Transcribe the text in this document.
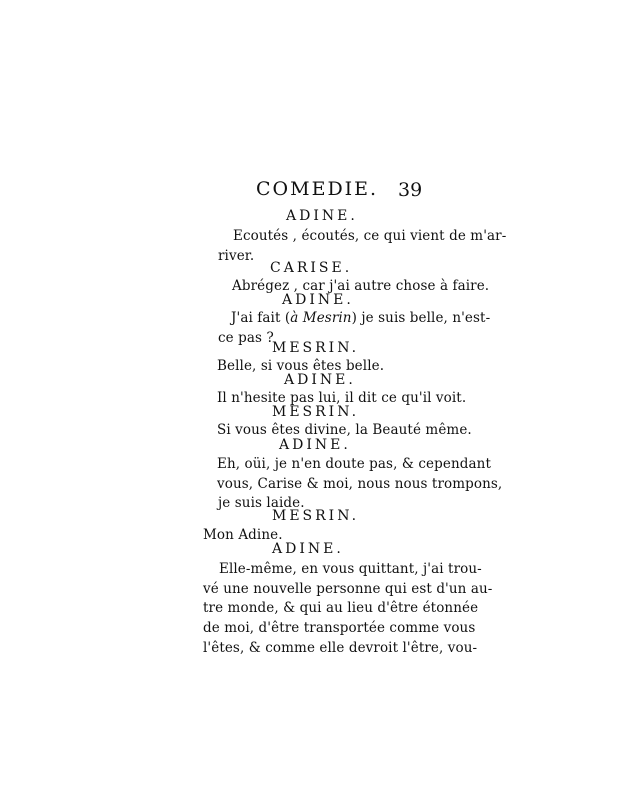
COMEDIE. 39
ADINE.
Ecoutés , écoutés, ce qui vient de m'ar-
river.
CARISE.
Abrégez , car j'ai autre chose à faire.
ADINE.
J'ai fait (à Mesrin) je suis belle, n'est-
ce pas ?
MESRIN.
Belle, si vous êtes belle.
ADINE.
Il n'hesite pas lui, il dit ce qu'il voit.
MESRIN.
Si vous êtes divine, la Beauté même.
ADINE.
Eh, oüi, je n'en doute pas, & cependant
vous, Carise & moi, nous nous trompons,
je suis laide.
MESRIN.
Mon Adine.
ADINE.
Elle-même, en vous quittant, j'ai trou-
vé une nouvelle personne qui est d'un au-
tre monde, & qui au lieu d'être étonnée
de moi, d'être transportée comme vous
l'êtes, & comme elle devroit l'être, vou-
